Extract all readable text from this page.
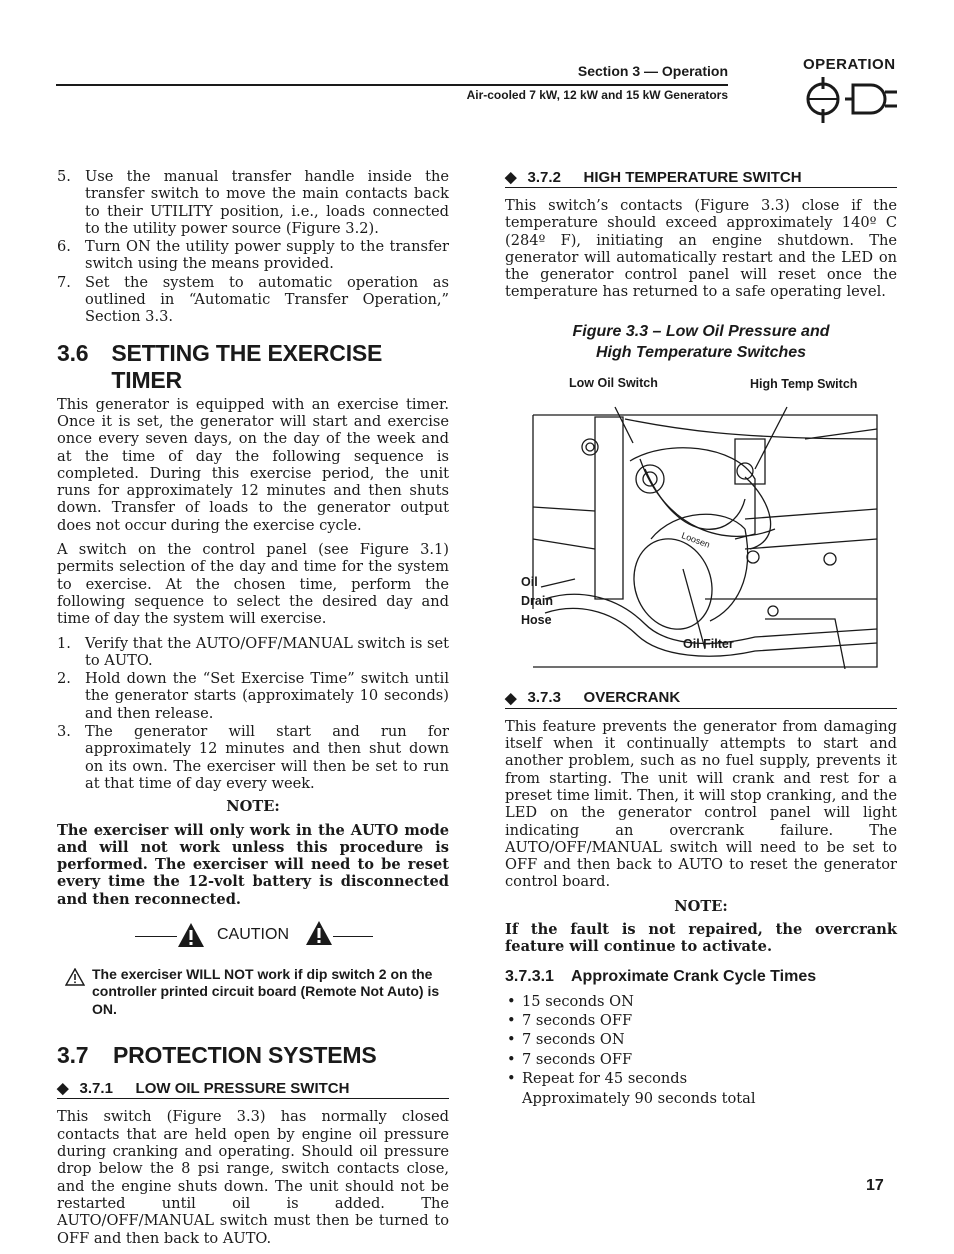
Section 3 — Operation
Air-cooled 7 kW, 12 kW and 15 kW Generators
OPERATION
5. Use the manual transfer handle inside the transfer switch to move the main contacts back to their UTILITY position, i.e., loads connected to the utility power source (Figure 3.2).
6. Turn ON the utility power supply to the transfer switch using the means provided.
7. Set the system to automatic operation as outlined in “Automatic Transfer Operation,” Section 3.3.
3.6	SETTING THE EXERCISE TIMER

This generator is equipped with an exercise timer. Once it is set, the generator will start and exercise once every seven days, on the day of the week and at the time of day the following sequence is completed. During this exercise period, the unit runs for approximately 12 minutes and then shuts down. Transfer of loads to the generator output does not occur during the exercise cycle.

A switch on the control panel (see Figure 3.1) permits selection of the day and time for the system to exercise. At the chosen time, perform the following sequence to select the desired day and time of day the system will exercise.

1. Verify that the AUTO/OFF/MANUAL switch is set to AUTO.
2. Hold down the “Set Exercise Time” switch until the generator starts (approximately 10 seconds) and then release.
3. The generator will start and run for approximately 12 minutes and then shut down on its own. The exerciser will then be set to run at that time of day every week.
NOTE:
The exerciser will only work in the AUTO mode and will not work unless this procedure is performed. The exerciser will need to be reset every time the 12-volt battery is disconnected and then reconnected.
CAUTION
The exerciser WILL NOT work if dip switch 2 on the controller printed circuit board (Remote Not Auto) is ON.
3.7	PROTECTION SYSTEMS
◆ 3.7.1	LOW OIL PRESSURE SWITCH

This switch (Figure 3.3) has normally closed contacts that are held open by engine oil pressure during cranking and operating. Should oil pressure drop below the 8 psi range, switch contacts close, and the engine shuts down. The unit should not be restarted until oil is added. The AUTO/OFF/MANUAL switch must then be turned to OFF and then back to AUTO.

◆ 3.7.2	HIGH TEMPERATURE SWITCH

This switch’s contacts (Figure 3.3) close if the temperature should exceed approximately 140º C (284º F), initiating an engine shutdown. The generator will automatically restart and the LED on the generator control panel will reset once the temperature has returned to a safe operating level.

Figure 3.3 – Low Oil Pressure and
High Temperature Switches
Low Oil Switch	High Temp Switch
Oil
Drain
Hose
Oil Filter
Loosen
◆ 3.7.3	OVERCRANK

This feature prevents the generator from damaging itself when it continually attempts to start and another problem, such as no fuel supply, prevents it from starting. The unit will crank and rest for a preset time limit. Then, it will stop cranking, and the LED on the generator control panel will light indicating an overcrank failure. The AUTO/OFF/MANUAL switch will need to be set to OFF and then back to AUTO to reset the generator control board.

NOTE:
If the fault is not repaired, the overcrank feature will continue to activate.
3.7.3.1	Approximate Crank Cycle Times
• 15 seconds ON
• 7 seconds OFF
• 7 seconds ON
• 7 seconds OFF
• Repeat for 45 seconds
Approximately 90 seconds total
17
